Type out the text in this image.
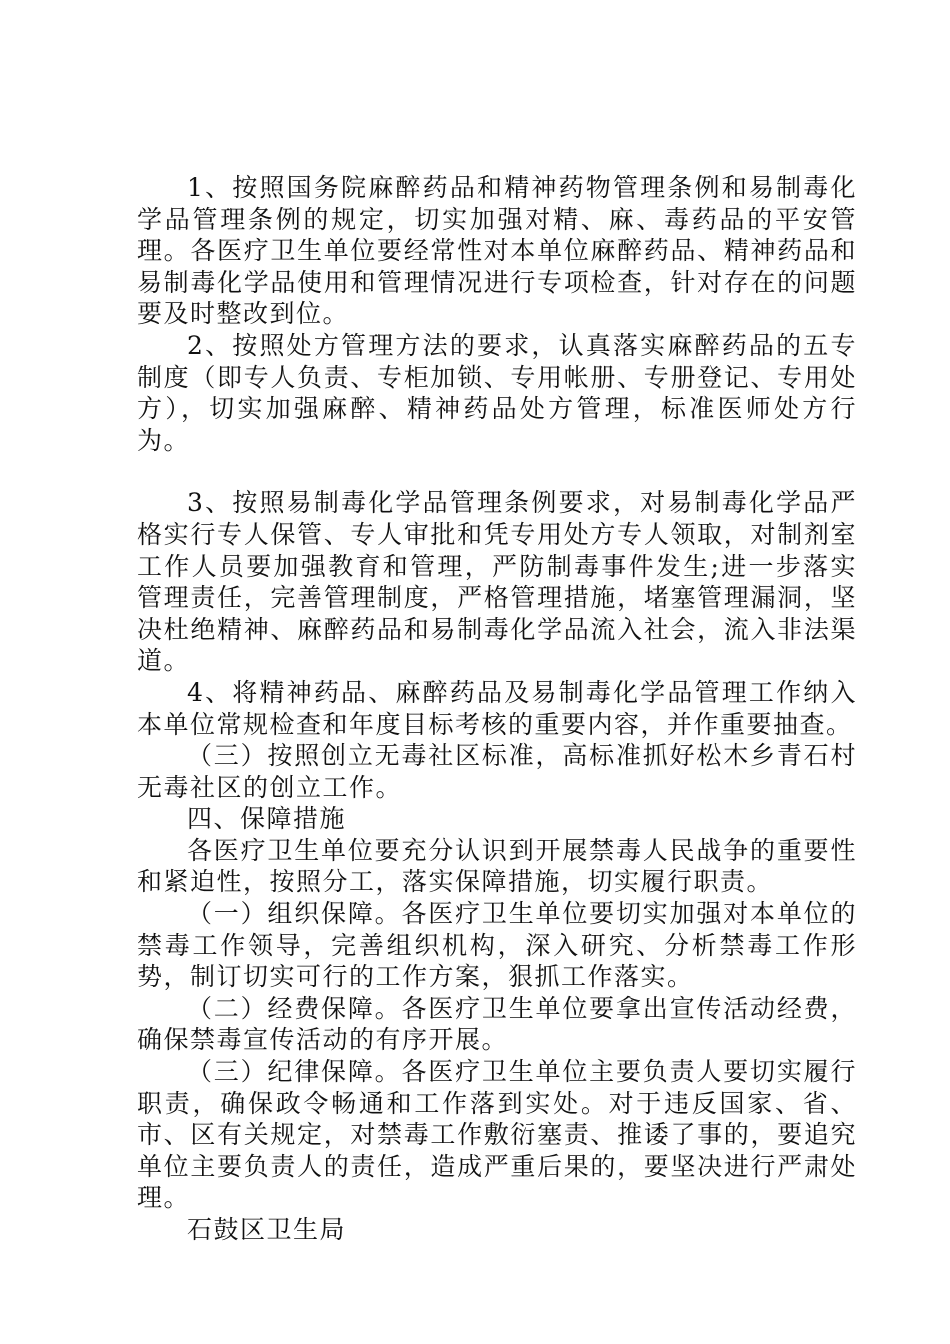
1、按照国务院麻醉药品和精神药物管理条例和易制毒化学品管理条例的规定，切实加强对精、麻、毒药品的平安管理。各医疗卫生单位要经常性对本单位麻醉药品、精神药品和易制毒化学品使用和管理情况进行专项检查，针对存在的问题要及时整改到位。

2、按照处方管理方法的要求，认真落实麻醉药品的五专制度（即专人负责、专柜加锁、专用帐册、专册登记、专用处方），切实加强麻醉、精神药品处方管理，标准医师处方行为。

3、按照易制毒化学品管理条例要求，对易制毒化学品严格实行专人保管、专人审批和凭专用处方专人领取，对制剂室工作人员要加强教育和管理，严防制毒事件发生;进一步落实管理责任，完善管理制度，严格管理措施，堵塞管理漏洞，坚决杜绝精神、麻醉药品和易制毒化学品流入社会，流入非法渠道。

4、将精神药品、麻醉药品及易制毒化学品管理工作纳入本单位常规检查和年度目标考核的重要内容，并作重要抽查。

（三）按照创立无毒社区标准，高标准抓好松木乡青石村无毒社区的创立工作。

四、保障措施

各医疗卫生单位要充分认识到开展禁毒人民战争的重要性和紧迫性，按照分工，落实保障措施，切实履行职责。

（一）组织保障。各医疗卫生单位要切实加强对本单位的禁毒工作领导，完善组织机构，深入研究、分析禁毒工作形势，制订切实可行的工作方案，狠抓工作落实。

（二）经费保障。各医疗卫生单位要拿出宣传活动经费，确保禁毒宣传活动的有序开展。

（三）纪律保障。各医疗卫生单位主要负责人要切实履行职责，确保政令畅通和工作落到实处。对于违反国家、省、市、区有关规定，对禁毒工作敷衍塞责、推诿了事的，要追究单位主要负责人的责任，造成严重后果的，要坚决进行严肃处理。

石鼓区卫生局
